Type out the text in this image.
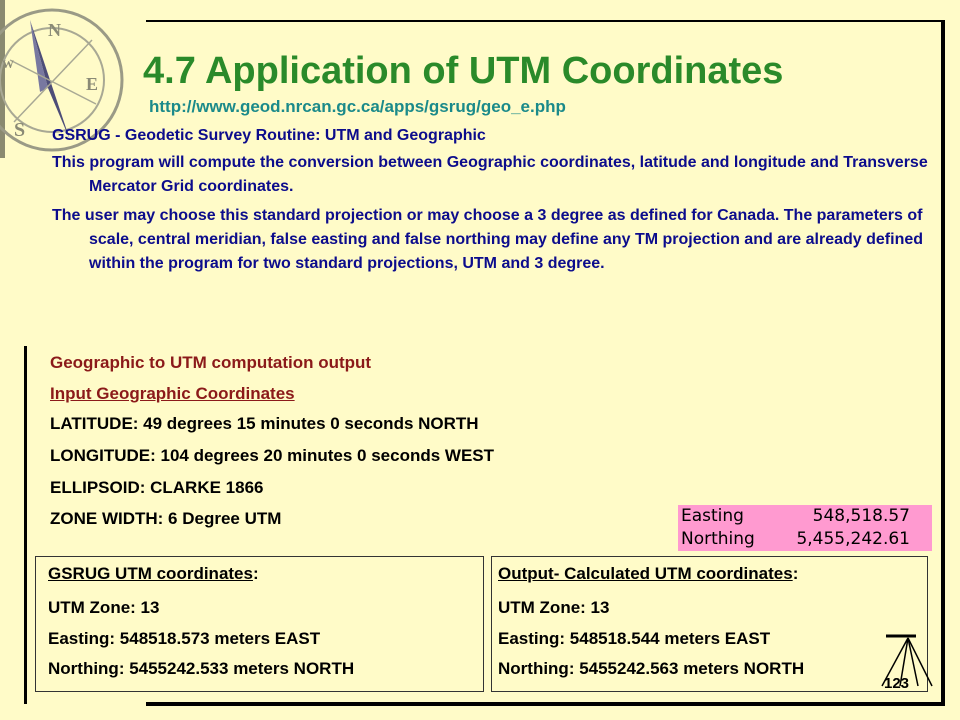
N
S
E
W	4.7 Application of UTM Coordinates
http://www.geod.nrcan.gc.ca/apps/gsrug/geo_e.php

GSRUG - Geodetic Survey Routine: UTM and Geographic

This program will compute the conversion between Geographic coordinates, latitude and longitude and Transverse Mercator Grid coordinates.

The user may choose this standard projection or may choose a 3 degree as defined for Canada. The parameters of scale, central meridian, false easting and false northing may define any TM projection and are already defined within the program for two standard projections, UTM and 3 degree.

Geographic to UTM computation output
Input Geographic Coordinates
LATITUDE: 49 degrees 15 minutes 0 seconds NORTH
LONGITUDE: 104 degrees 20 minutes 0 seconds WEST
ELLIPSOID: CLARKE 1866
ZONE WIDTH: 6 Degree UTM	Easting	548,518.57
Northing 5,455,242.61
GSRUG UTM coordinates:
UTM Zone: 13
Easting: 548518.573 meters EAST
Northing: 5455242.533 meters NORTH
Output- Calculated UTM coordinates:
UTM Zone: 13
Easting: 548518.544 meters EAST
Northing: 5455242.563 meters NORTH
123
